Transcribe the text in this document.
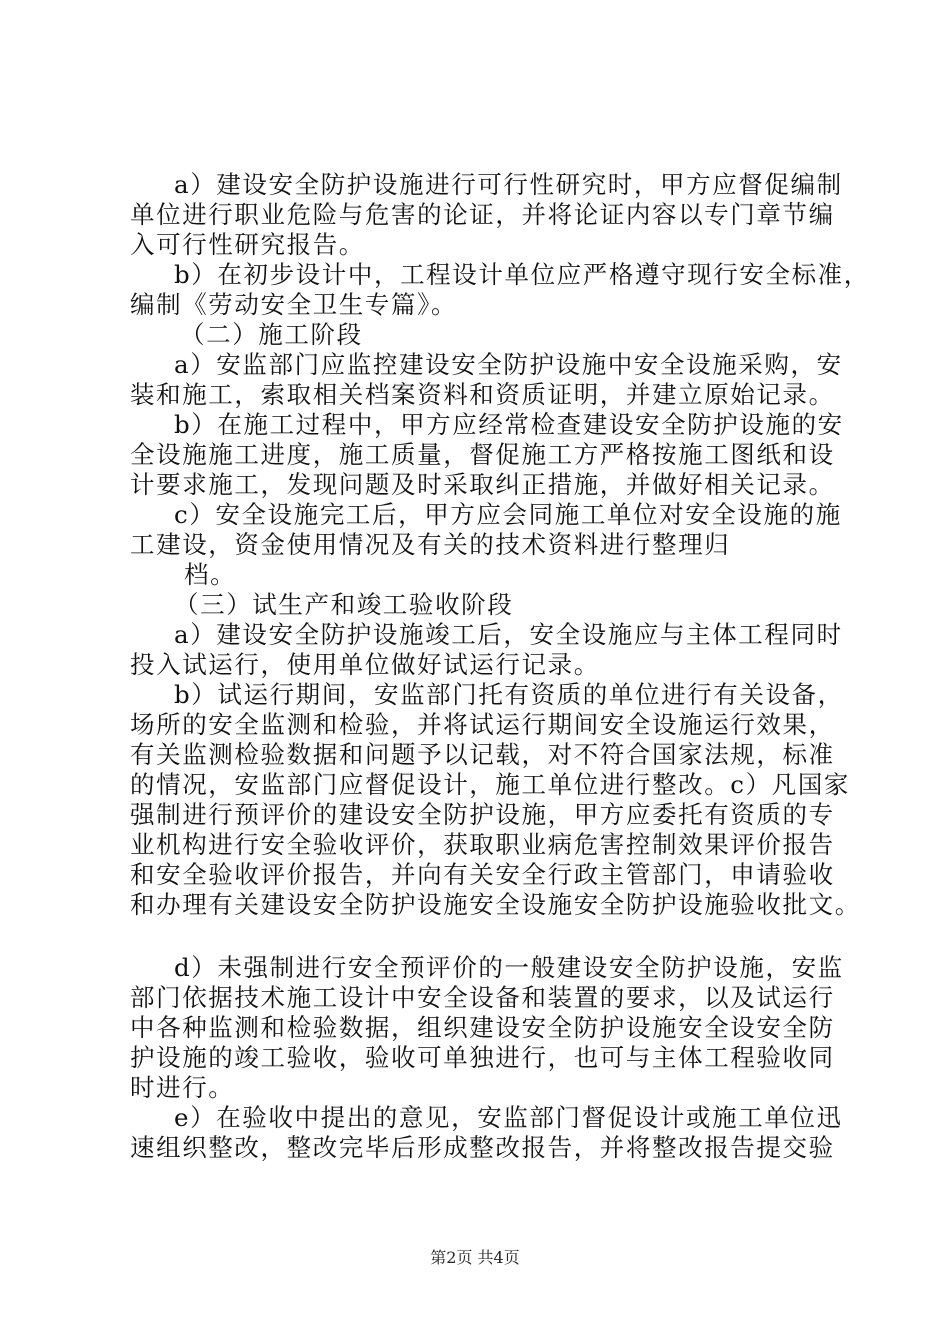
a）建设安全防护设施进行可行性研究时，甲方应督促编制
单位进行职业危险与危害的论证，并将论证内容以专门章节编
入可行性研究报告。
b）在初步设计中，工程设计单位应严格遵守现行安全标准，
编制《劳动安全卫生专篇》。
（二）施工阶段
a）安监部门应监控建设安全防护设施中安全设施采购，安
装和施工，索取相关档案资料和资质证明，并建立原始记录。
b）在施工过程中，甲方应经常检查建设安全防护设施的安
全设施施工进度，施工质量，督促施工方严格按施工图纸和设
计要求施工，发现问题及时采取纠正措施，并做好相关记录。
c）安全设施完工后，甲方应会同施工单位对安全设施的施
工建设，资金使用情况及有关的技术资料进行整理归
档。
（三）试生产和竣工验收阶段
a）建设安全防护设施竣工后，安全设施应与主体工程同时
投入试运行，使用单位做好试运行记录。
b）试运行期间，安监部门托有资质的单位进行有关设备，
场所的安全监测和检验，并将试运行期间安全设施运行效果，
有关监测检验数据和问题予以记载，对不符合国家法规，标准
的情况，安监部门应督促设计，施工单位进行整改。c）凡国家
强制进行预评价的建设安全防护设施，甲方应委托有资质的专
业机构进行安全验收评价，获取职业病危害控制效果评价报告
和安全验收评价报告，并向有关安全行政主管部门，申请验收
和办理有关建设安全防护设施安全设施安全防护设施验收批文。
d）未强制进行安全预评价的一般建设安全防护设施，安监
部门依据技术施工设计中安全设备和装置的要求，以及试运行
中各种监测和检验数据，组织建设安全防护设施安全设安全防
护设施的竣工验收，验收可单独进行，也可与主体工程验收同
时进行。
e）在验收中提出的意见，安监部门督促设计或施工单位迅
速组织整改，整改完毕后形成整改报告，并将整改报告提交验
第2页 共4页
